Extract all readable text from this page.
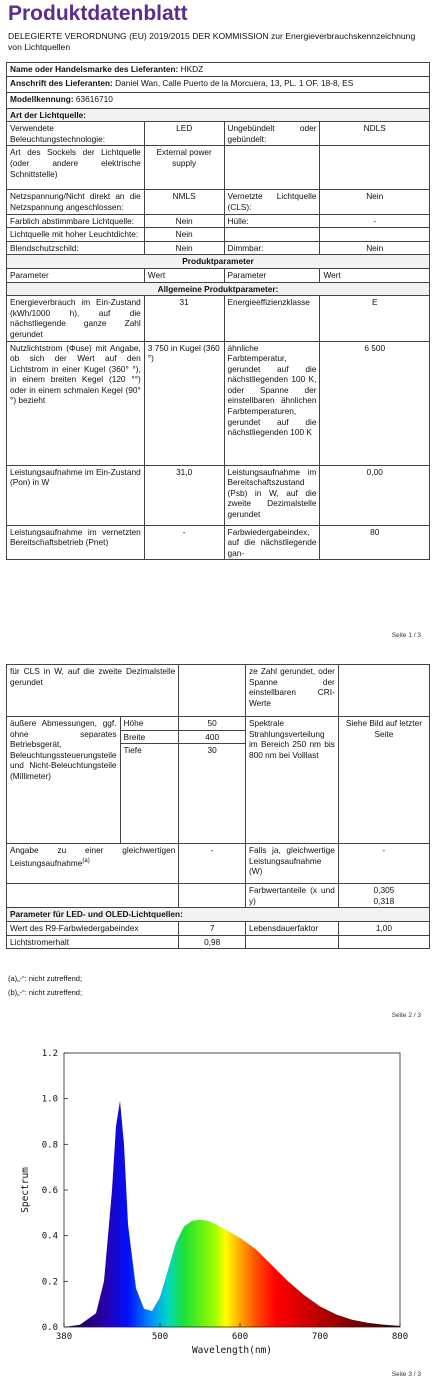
Produktdatenblatt
DELEGIERTE VERORDNUNG (EU) 2019/2015 DER KOMMISSION zur Energieverbrauchskennzeichnung von Lichtquellen
Name oder Handelsmarke des Lieferanten: HKDZ			
Anschrift des Lieferanten: Daniel Wan, Calle Puerto de la Morcuera, 13, PL. 1 OF. 18-8, ES			
Modellkennung: 63616710			
Art der Lichtquelle:			
Verwendete Beleuchtungstechnologie:	LED	Ungebündelt oder gebündelt:	NDLS
Art des Sockels der Lichtquelle (oder andere elektrische Schnittstelle)	External power supply		
Netzspannung/Nicht direkt an die Netzspannung angeschlossen:	NMLS	Vernetzte Lichtquelle (CLS):	Nein
Farblich abstimmbare Lichtquelle:	Nein	Hülle:	-
Lichtquelle mit hoher Leuchtdichte:	Nein		
Blendschutzschild:	Nein	Dimmbar:	Nein
Produktparameter			
Parameter	Wert	Parameter	Wert
Allgemeine Produktparameter:			
Energieverbrauch im Ein-Zustand (kWh/1000 h), auf die nächstliegende ganze Zahl gerundet	31	Energieeffizienzklasse	E
Nutzlichtstrom (Φuse) mit Angabe, ob sich der Wert auf den Lichtstrom in einer Kugel (360° °), in einem breiten Kegel (120 °°) oder in einem schmalen Kegel (90° °) bezieht	3 750 in Kugel (360 °)	ähnliche Farbtemperatur, gerundet auf die nächstliegenden 100 K, oder Spanne der einstellbaren ähnlichen Farbtemperaturen, gerundet auf die nächstliegenden 100 K	6 500
Leistungsaufnahme im Ein-Zustand (Pon) in W	31,0	Leistungsaufnahme im Bereitschaftszustand (Psb) in W, auf die zweite Dezimalstelle gerundet	0,00
Leistungsaufnahme im vernetzten Bereitschaftsbetrieb (Pnet)	-	Farbwiedergabeindex, auf die nächstliegende gan-	80
Seite 1 / 3
für CLS in W, auf die zweite Dezimalstelle gerundet			ze Zahl gerundet, oder Spanne der einstellbaren CRI-Werte	
äußere Abmessungen, ggf. ohne separates Betriebsgerät, Beleuchtungssteuerungsteile und Nicht-Beleuchtungsteile (Millimeter)	Höhe	50	Spektrale Strahlungsverteilung im Bereich 250 nm bis 800 nm bei Volllast	Siehe Bild auf letzter Seite
	Breite	400		
	Tiefe	30		
Angabe zu einer gleichwertigen Leistungsaufnahme$^{(a)}$		-	Falls ja, gleichwertige Leistungsaufnahme (W)	-
			Farbwertanteile (x und y)	0,305
0,318
Parameter für LED- und OLED-Lichtquellen:				
Wert des R9-Farbwiedergabeindex		7	Lebensdauerfaktor	1,00
Lichtstromerhalt		0,98		
(a)„-“: nicht zutreffend;
(b)„-“: nicht zutreffend;
Seite 2 / 3
380	500	600	700	800
0.0
0.2
0.4
0.6
0.8
1.0
1.2
Wavelength(nm)
Spectrum
Seite 3 / 3
